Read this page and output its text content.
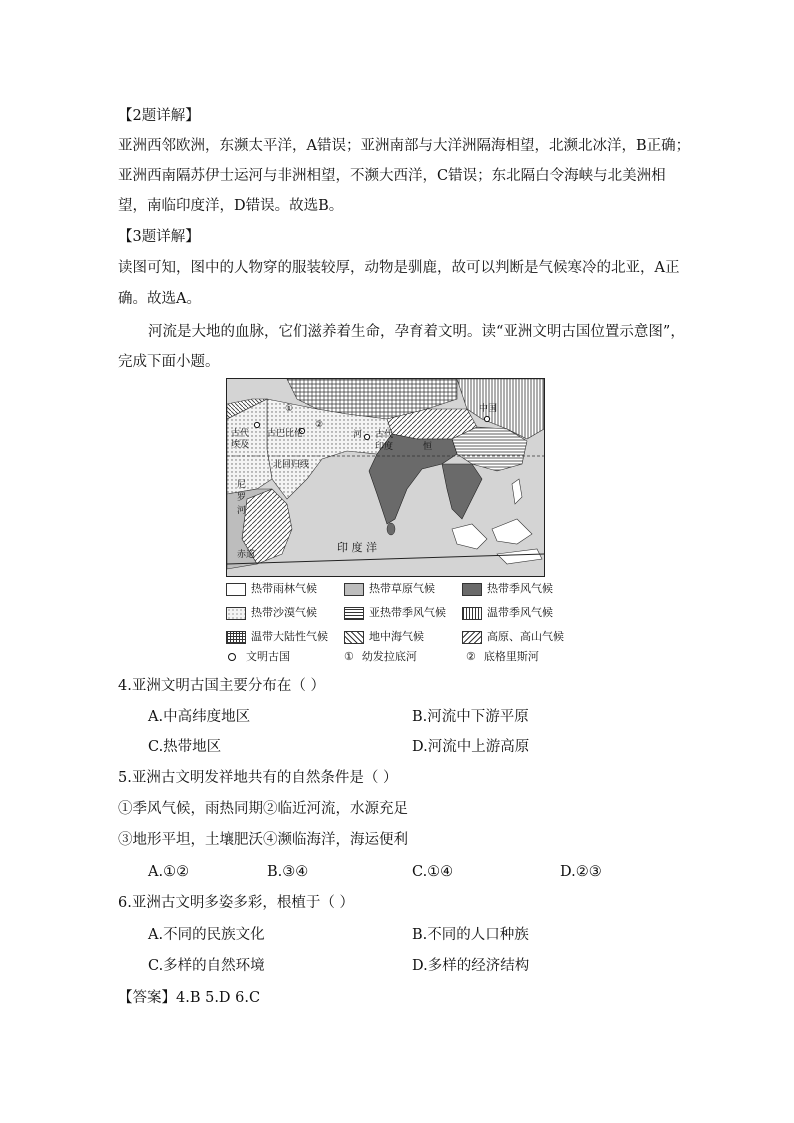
【2题详解】
亚洲西邻欧洲，东濒太平洋，A错误；亚洲南部与大洋洲隔海相望，北濒北冰洋，B正确；
亚洲西南隔苏伊士运河与非洲相望，不濒大西洋，C错误；东北隔白令海峡与北美洲相
望，南临印度洋，D错误。故选B。
【3题详解】
读图可知，图中的人物穿的服装较厚，动物是驯鹿，故可以判断是气候寒冷的北亚，A正
确。故选A。
河流是大地的血脉，它们滋养着生命，孕育着文明。读“亚洲文明古国位置示意图”，
完成下面小题。
古代
埃及
古巴比伦
①
②
古代
印度
中国
北回归线
尼
罗
河
赤道
印 度 洋
恒
河
热带雨林气候	热带草原气候	热带季风气候
热带沙漠气候	亚热带季风气候	温带季风气候
温带大陆性气候	地中海气候	高原、高山气候
文明古国	① 幼发拉底河	② 底格里斯河
4.亚洲文明古国主要分布在（ ）
A.中高纬度地区	B.河流中下游平原
C.热带地区	D.河流中上游高原
5.亚洲古文明发祥地共有的自然条件是（ ）
①季风气候，雨热同期②临近河流，水源充足
③地形平坦，土壤肥沃④濒临海洋，海运便利
A.①②	B.③④	C.①④	D.②③
6.亚洲古文明多姿多彩，根植于（ ）
A.不同的民族文化	B.不同的人口种族
C.多样的自然环境	D.多样的经济结构
【答案】4.B 5.D 6.C
